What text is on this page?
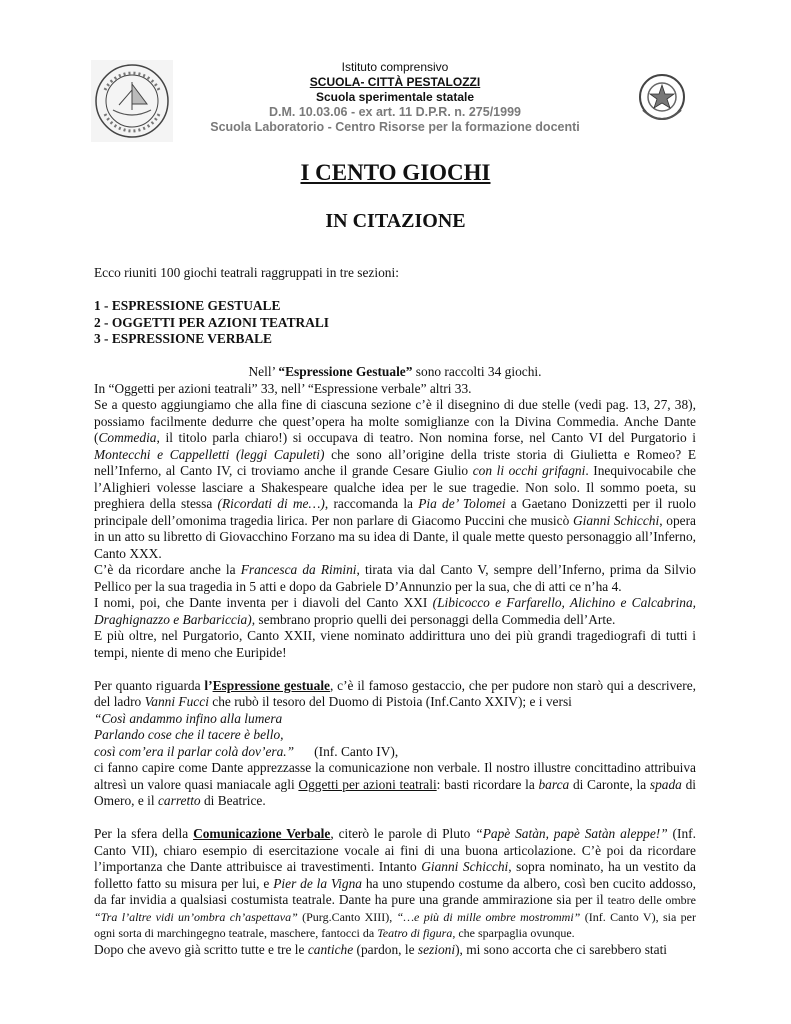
Istituto comprensivo
SCUOLA- CITTÀ PESTALOZZI
Scuola sperimentale statale
D.M. 10.03.06 - ex art. 11 D.P.R. n. 275/1999
Scuola Laboratorio - Centro Risorse per la formazione docenti
I CENTO GIOCHI
IN CITAZIONE

Ecco riuniti 100 giochi teatrali raggruppati in tre sezioni:

1 - ESPRESSIONE GESTUALE

2 - OGGETTI PER AZIONI TEATRALI

3 - ESPRESSIONE VERBALE

Nell’ “Espressione Gestuale” sono raccolti 34 giochi.

In “Oggetti per azioni teatrali” 33, nell’ “Espressione verbale” altri 33.

Se a questo aggiungiamo che alla fine di ciascuna sezione c’è il disegnino di due stelle (vedi pag. 13, 27, 38), possiamo facilmente dedurre che quest’opera ha molte somiglianze con la Divina Commedia. Anche Dante (Commedia, il titolo parla chiaro!) si occupava di teatro. Non nomina forse, nel Canto VI del Purgatorio i Montecchi e Cappelletti (leggi Capuleti) che sono all’origine della triste storia di Giulietta e Romeo? E nell’Inferno, al Canto IV, ci troviamo anche il grande Cesare Giulio con li occhi grifagni. Inequivocabile che l’Alighieri volesse lasciare a Shakespeare qualche idea per le sue tragedie. Non solo. Il sommo poeta, su preghiera della stessa (Ricordati di me…), raccomanda la Pia de’ Tolomei a Gaetano Donizzetti per il ruolo principale dell’omonima tragedia lirica. Per non parlare di Giacomo Puccini che musicò Gianni Schicchi, opera in un atto su libretto di Giovacchino Forzano ma su idea di Dante, il quale mette questo personaggio all’Inferno, Canto XXX.

C’è da ricordare anche la Francesca da Rimini, tirata via dal Canto V, sempre dell’Inferno, prima da Silvio Pellico per la sua tragedia in 5 atti e dopo da Gabriele D’Annunzio per la sua, che di atti ce n’ha 4.

I nomi, poi, che Dante inventa per i diavoli del Canto XXI (Libicocco e Farfarello, Alichino e Calcabrina, Draghignazzo e Barbariccia), sembrano proprio quelli dei personaggi della Commedia dell’Arte.

E più oltre, nel Purgatorio, Canto XXII, viene nominato addirittura uno dei più grandi tragediografi di tutti i tempi, niente di meno che Euripide!

Per quanto riguarda l’Espressione gestuale, c’è il famoso gestaccio, che per pudore non starò qui a descrivere, del ladro Vanni Fucci che rubò il tesoro del Duomo di Pistoia (Inf.Canto XXIV); e i versi

“Così andammo infino alla lumera

Parlando cose che il tacere è bello,

così com’era il parlar colà dov’era.”      (Inf. Canto IV),

ci fanno capire come Dante apprezzasse la comunicazione non verbale. Il nostro illustre concittadino attribuiva altresì un valore quasi maniacale agli Oggetti per azioni teatrali: basti ricordare la barca di Caronte, la spada di Omero, e il carretto di Beatrice.

Per la sfera della Comunicazione Verbale, citerò le parole di Pluto “Papè Satàn, papè Satàn aleppe!” (Inf. Canto VII), chiaro esempio di esercitazione vocale ai fini di una buona articolazione. C’è poi da ricordare l’importanza che Dante attribuisce ai travestimenti. Intanto Gianni Schicchi, sopra nominato, ha un vestito da folletto fatto su misura per lui, e Pier de la Vigna ha uno stupendo costume da albero, così ben cucito addosso, da far invidia a qualsiasi costumista teatrale. Dante ha pure una grande ammirazione sia per il teatro delle ombre “Tra l’altre vidi un’ombra ch’aspettava” (Purg.Canto XIII), “…e più di mille ombre mostrommi” (Inf. Canto V), sia per ogni sorta di marchingegno teatrale, maschere, fantocci da Teatro di figura, che sparpaglia ovunque.

Dopo che avevo già scritto tutte e tre le cantiche (pardon, le sezioni), mi sono accorta che ci sarebbero stati
